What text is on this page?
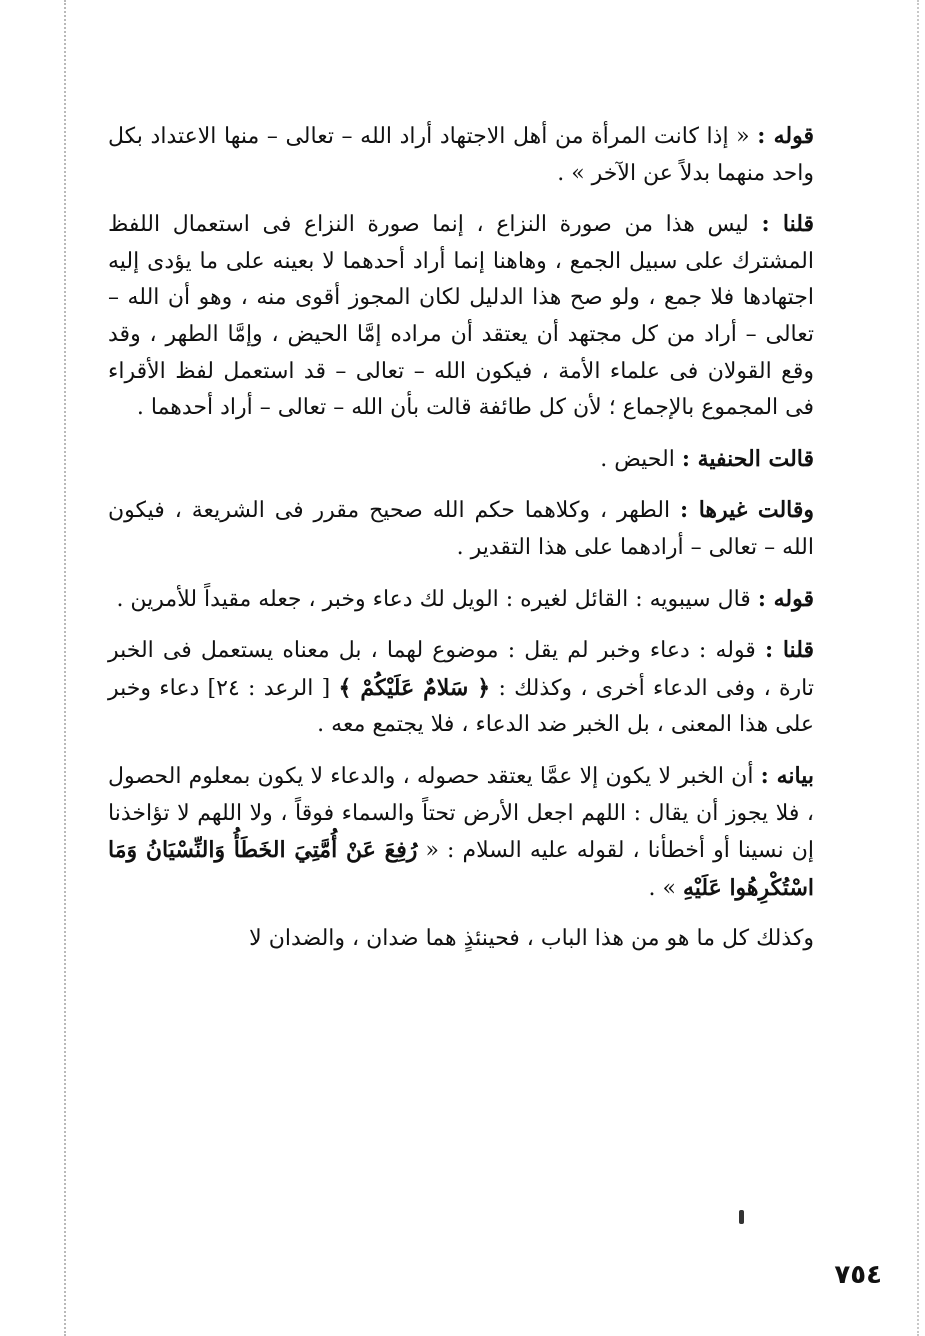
قوله : « إذا كانت المرأة من أهل الاجتهاد أراد الله – تعالى – منها الاعتداد بكل واحد منهما بدلاً عن الآخر » .

قلنا : ليس هذا من صورة النزاع ، إنما صورة النزاع فى استعمال اللفظ المشترك على سبيل الجمع ، وهاهنا إنما أراد أحدهما لا بعينه على ما يؤدى إليه اجتهادها فلا جمع ، ولو صح هذا الدليل لكان المجوز أقوى منه ، وهو أن الله – تعالى – أراد من كل مجتهد أن يعتقد أن مراده إمَّا الحيض ، وإمَّا الطهر ، وقد وقع القولان فى علماء الأمة ، فيكون الله – تعالى – قد استعمل لفظ الأقراء فى المجموع بالإجماع ؛ لأن كل طائفة قالت بأن الله – تعالى – أراد أحدهما .

قالت الحنفية : الحيض .

وقالت غيرها : الطهر ، وكلاهما حكم الله صحيح مقرر فى الشريعة ، فيكون الله – تعالى – أرادهما على هذا التقدير .

قوله : قال سيبويه : القائل لغيره : الويل لك دعاء وخبر ، جعله مقيداً للأمرين .

قلنا : قوله : دعاء وخبر لم يقل : موضوع لهما ، بل معناه يستعمل فى الخبر تارة ، وفى الدعاء أخرى ، وكذلك : ﴿ سَلامٌ عَلَيْكُمْ ﴾ [ الرعد : ٢٤] دعاء وخبر على هذا المعنى ، بل الخبر ضد الدعاء ، فلا يجتمع معه .

بيانه : أن الخبر لا يكون إلا عمَّا يعتقد حصوله ، والدعاء لا يكون بمعلوم الحصول ، فلا يجوز أن يقال : اللهم اجعل الأرض تحتاً والسماء فوقاً ، ولا اللهم لا تؤاخذنا إن نسينا أو أخطأنا ، لقوله عليه السلام : « رُفِعَ عَنْ أُمَّتِيَ الخَطَأُ وَالنِّسْيَانُ وَمَا اسْتُكْرِهُوا عَلَيْهِ » .

وكذلك كل ما هو من هذا الباب ، فحينئذٍ هما ضدان ، والضدان لا

٧٥٤
